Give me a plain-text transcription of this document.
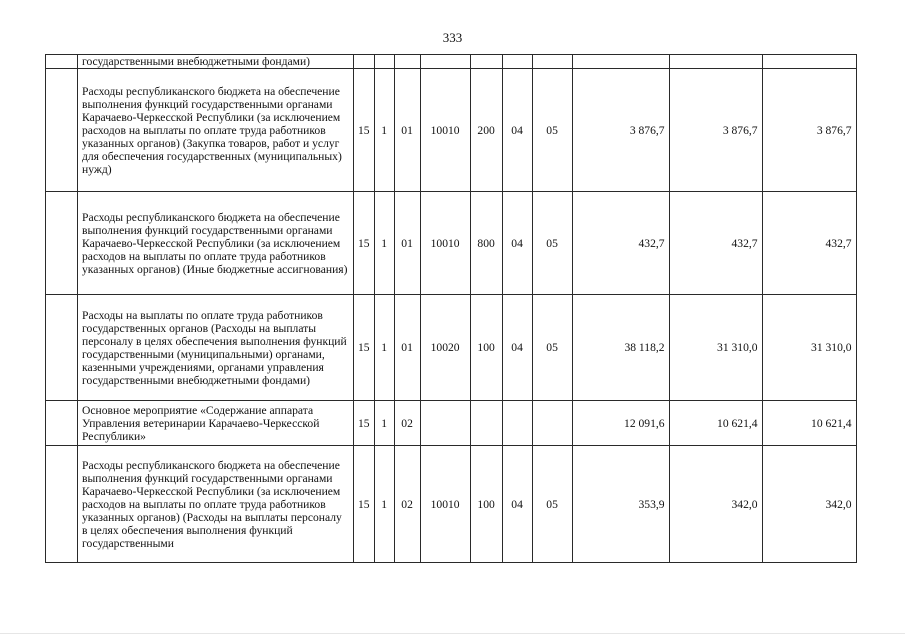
333
	государственными внебюджетными фондами)										
	Расходы республиканского бюджета на обеспечение выполнения функций государственными органами Карачаево-Черкесской Республики (за исключением расходов на выплаты по оплате труда работников указанных органов) (Закупка товаров, работ и услуг для обеспечения государственных (муниципальных) нужд)	15	1	01	10010	200	04	05	3 876,7	3 876,7	3 876,7
	Расходы республиканского бюджета на обеспечение выполнения функций государственными органами Карачаево-Черкесской Республики (за исключением расходов на выплаты по оплате труда работников указанных органов) (Иные бюджетные ассигнования)	15	1	01	10010	800	04	05	432,7	432,7	432,7
	Расходы на выплаты по оплате труда работников государственных органов (Расходы на выплаты персоналу в целях обеспечения выполнения функций государственными (муниципальными) органами, казенными учреждениями, органами управления государственными внебюджетными фондами)	15	1	01	10020	100	04	05	38 118,2	31 310,0	31 310,0
	Основное мероприятие «Содержание аппарата Управления ветеринарии Карачаево-Черкесской Республики»	15	1	02					12 091,6	10 621,4	10 621,4
	Расходы республиканского бюджета на обеспечение выполнения функций государственными органами Карачаево-Черкесской Республики (за исключением расходов на выплаты по оплате труда работников указанных органов) (Расходы на выплаты персоналу в целях обеспечения выполнения функций государственными	15	1	02	10010	100	04	05	353,9	342,0	342,0
